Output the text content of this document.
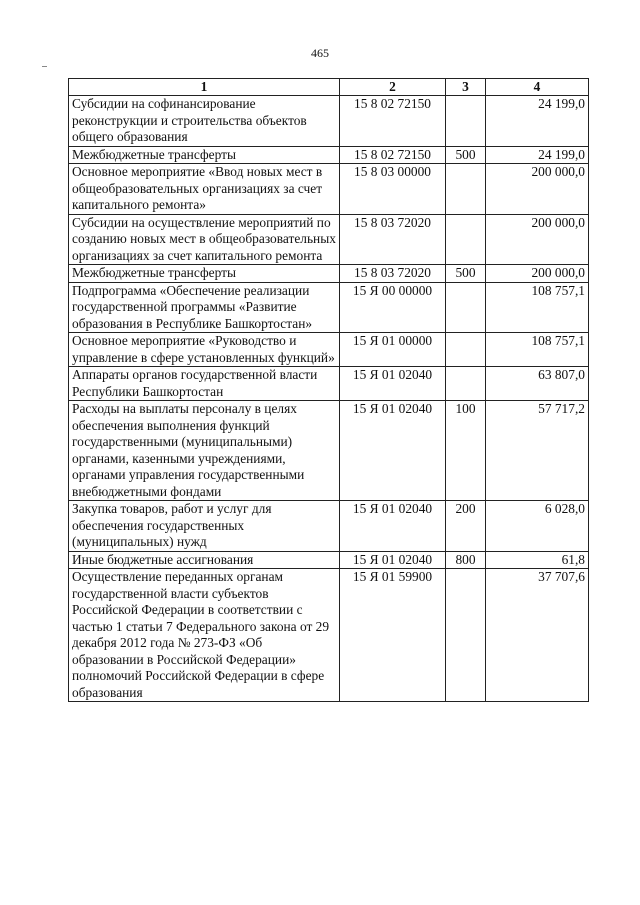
465
1	2	3	4
Субсидии на софинансирование реконструкции и строительства объектов общего образования	15 8 02 72150		24 199,0
Межбюджетные трансферты	15 8 02 72150	500	24 199,0
Основное мероприятие «Ввод новых мест в общеобразовательных организациях за счет капитального ремонта»	15 8 03 00000		200 000,0
Субсидии на осуществление мероприятий по созданию новых мест в общеобразовательных организациях за счет капитального ремонта	15 8 03 72020		200 000,0
Межбюджетные трансферты	15 8 03 72020	500	200 000,0
Подпрограмма «Обеспечение реализации государственной программы «Развитие образования в Республике Башкортостан»	15 Я 00 00000		108 757,1
Основное мероприятие «Руководство и управление в сфере установленных функций»	15 Я 01 00000		108 757,1
Аппараты органов государственной власти Республики Башкортостан	15 Я 01 02040		63 807,0
Расходы на выплаты персоналу в целях обеспечения выполнения функций государственными (муниципальными) органами, казенными учреждениями, органами управления государственными внебюджетными фондами	15 Я 01 02040	100	57 717,2
Закупка товаров, работ и услуг для обеспечения государственных (муниципальных) нужд	15 Я 01 02040	200	6 028,0
Иные бюджетные ассигнования	15 Я 01 02040	800	61,8
Осуществление переданных органам государственной власти субъектов Российской Федерации в соответствии с частью 1 статьи 7 Федерального закона от 29 декабря 2012 года № 273-ФЗ «Об образовании в Российской Федерации» полномочий Российской Федерации в сфере образования	15 Я 01 59900		37 707,6
